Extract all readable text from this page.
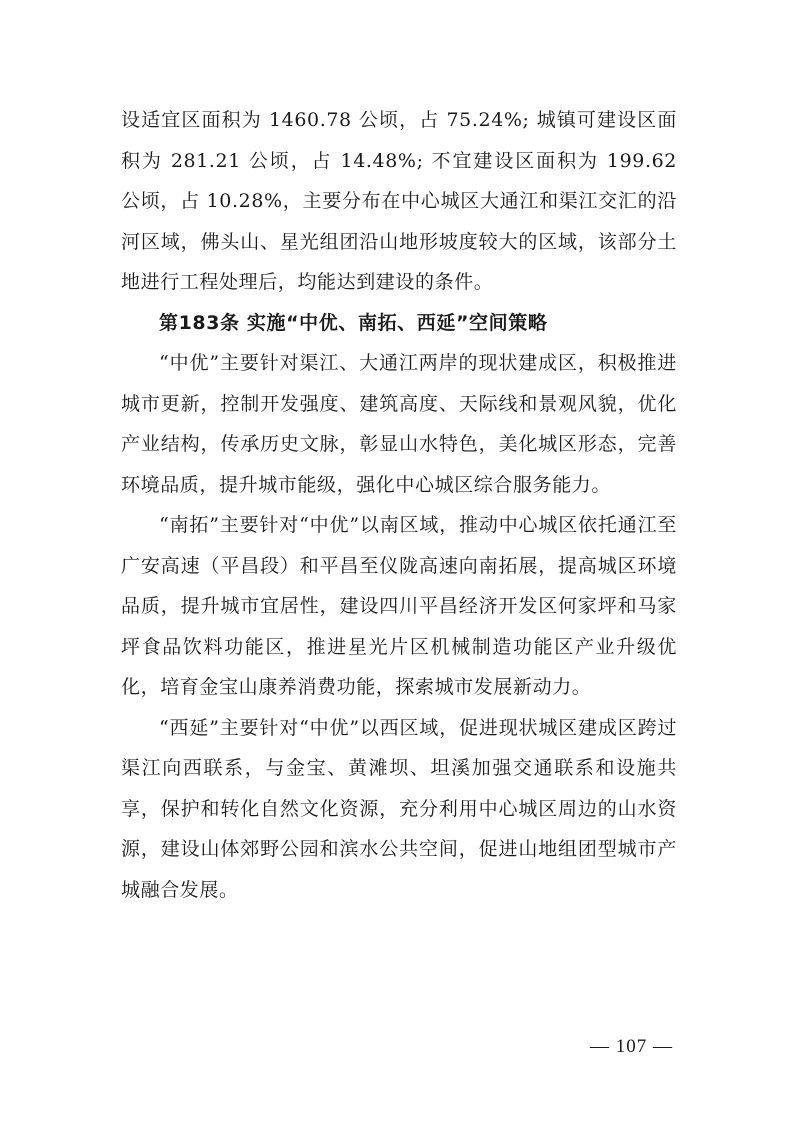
设适宜区面积为 1460.78 公顷，占 75.24%; 城镇可建设区面积为 281.21 公顷，占 14.48%; 不宜建设区面积为 199.62 公顷，占 10.28%，主要分布在中心城区大通江和渠江交汇的沿河区域，佛头山、星光组团沿山地形坡度较大的区域，该部分土地进行工程处理后，均能达到建设的条件。

第183条 实施“中优、南拓、西延”空间策略

“中优”主要针对渠江、大通江两岸的现状建成区，积极推进城市更新，控制开发强度、建筑高度、天际线和景观风貌，优化产业结构，传承历史文脉，彰显山水特色，美化城区形态，完善环境品质，提升城市能级，强化中心城区综合服务能力。

“南拓”主要针对“中优”以南区域，推动中心城区依托通江至广安高速（平昌段）和平昌至仪陇高速向南拓展，提高城区环境品质，提升城市宜居性，建设四川平昌经济开发区何家坪和马家坪食品饮料功能区，推进星光片区机械制造功能区产业升级优化，培育金宝山康养消费功能，探索城市发展新动力。

“西延”主要针对“中优”以西区域，促进现状城区建成区跨过渠江向西联系，与金宝、黄滩坝、坦溪加强交通联系和设施共享，保护和转化自然文化资源，充分利用中心城区周边的山水资源，建设山体郊野公园和滨水公共空间，促进山地组团型城市产城融合发展。

— 107 —
